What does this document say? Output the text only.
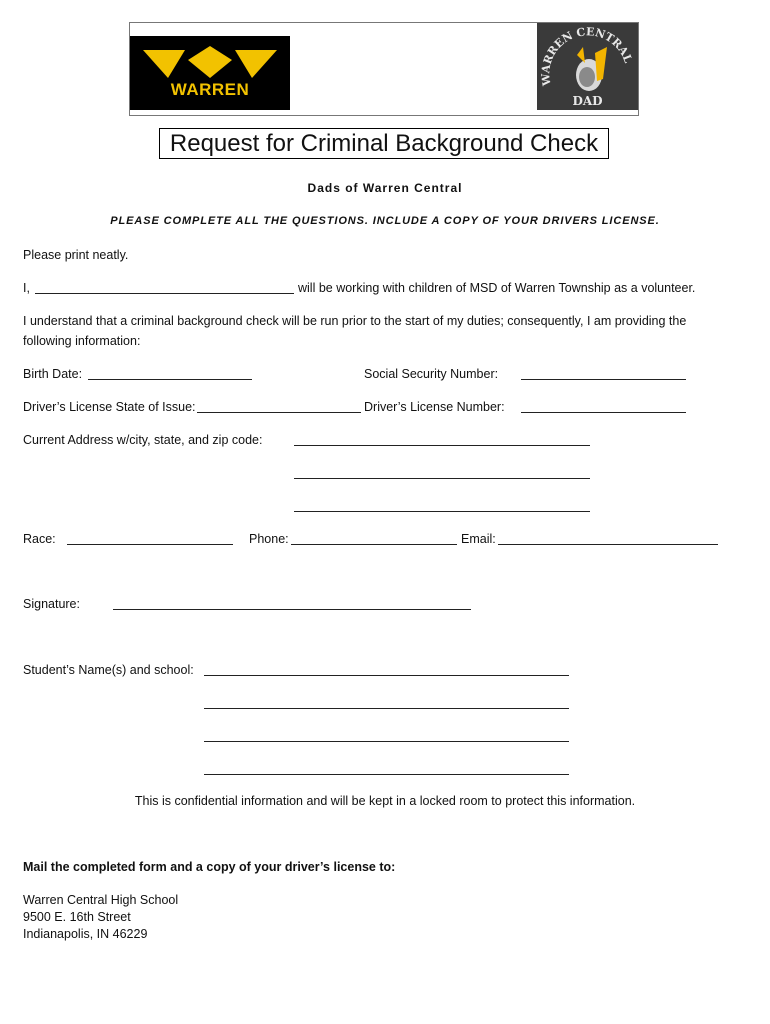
WARREN
WARREN CENTRAL
DAD
Request for Criminal Background Check
Dads of Warren Central
PLEASE COMPLETE ALL THE QUESTIONS. INCLUDE A COPY OF YOUR DRIVERS LICENSE.
Please print neatly.
I,	will be working with children of MSD of Warren Township as a volunteer.
I understand that a criminal background check will be run prior to the start of my duties; consequently, I am providing the
following information:
Birth Date:	Social Security Number:
Driver’s License State of Issue:	Driver’s License Number:
Current Address w/city, state, and zip code:
Race:	Phone:	Email:
Signature:
Student’s Name(s) and school:
This is confidential information and will be kept in a locked room to protect this information.
Mail the completed form and a copy of your driver’s license to:
Warren Central High School
9500 E. 16th Street
Indianapolis, IN 46229
